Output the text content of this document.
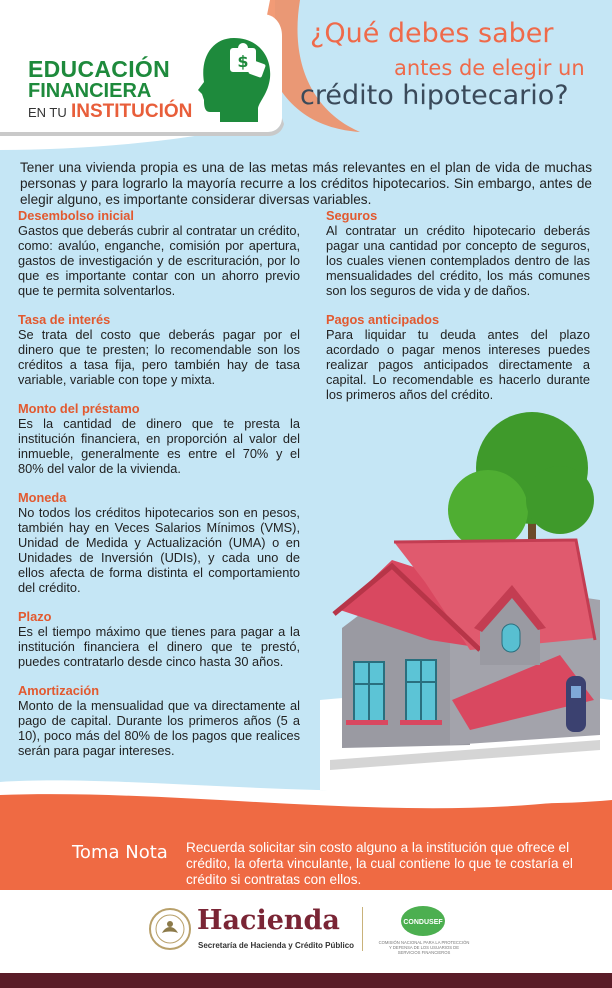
EDUCACIÓN
FINANCIERA
EN TU INSTITUCIÓN
$
¿Qué debes saber
antes de elegir un
crédito hipotecario?

Tener una vivienda propia es una de las metas más relevantes en el plan de vida de muchas personas y para lograrlo la mayoría recurre a los créditos hipotecarios. Sin embargo, antes de elegir alguno, es importante considerar diversas variables.

Desembolso inicial

Gastos que deberás cubrir al contratar un crédito, como: avalúo, enganche, comisión por apertura, gastos de investigación y de escrituración, por lo que es importante contar con un ahorro previo que te permita solventarlos.

Tasa de interés

Se trata del costo que deberás pagar por el dinero que te presten; lo recomendable son los créditos a tasa fija, pero también hay de tasa variable, variable con tope y mixta.

Monto del préstamo

Es la cantidad de dinero que te presta la institución financiera, en proporción al valor del inmueble, generalmente es entre el 70% y el 80% del valor de la vivienda.

Moneda

No todos los créditos hipotecarios son en pesos, también hay en Veces Salarios Mínimos (VMS), Unidad de Medida y Actualización (UMA) o en Unidades de Inversión (UDIs), y cada uno de ellos afecta de forma distinta el comportamiento del crédito.

Plazo

Es el tiempo máximo que tienes para pagar a la institución financiera el dinero que te prestó, puedes contratarlo desde cinco hasta 30 años.

Amortización

Monto de la mensualidad que va directamente al pago de capital. Durante los primeros años (5 a 10), poco más del 80% de los pagos que realices serán para pagar intereses.

Seguros

Al contratar un crédito hipotecario deberás pagar una cantidad por concepto de seguros, los cuales vienen contemplados dentro de las mensualidades del crédito, los más comunes son los seguros de vida y de daños.

Pagos anticipados

Para liquidar tu deuda antes del plazo acordado o pagar menos intereses puedes realizar pagos anticipados directamente a capital. Lo recomendable es hacerlo durante los primeros años del crédito.

Toma Nota Recuerda solicitar sin costo alguno a la institución que ofrece el crédito, la oferta vinculante, la cual contiene lo que te costaría el crédito si contratas con ellos.

Hacienda
Secretaría de Hacienda y Crédito Público
CONDUSEF
COMISIÓN NACIONAL PARA LA PROTECCIÓN Y DEFENSA DE LOS USUARIOS DE SERVICIOS FINANCIEROS
